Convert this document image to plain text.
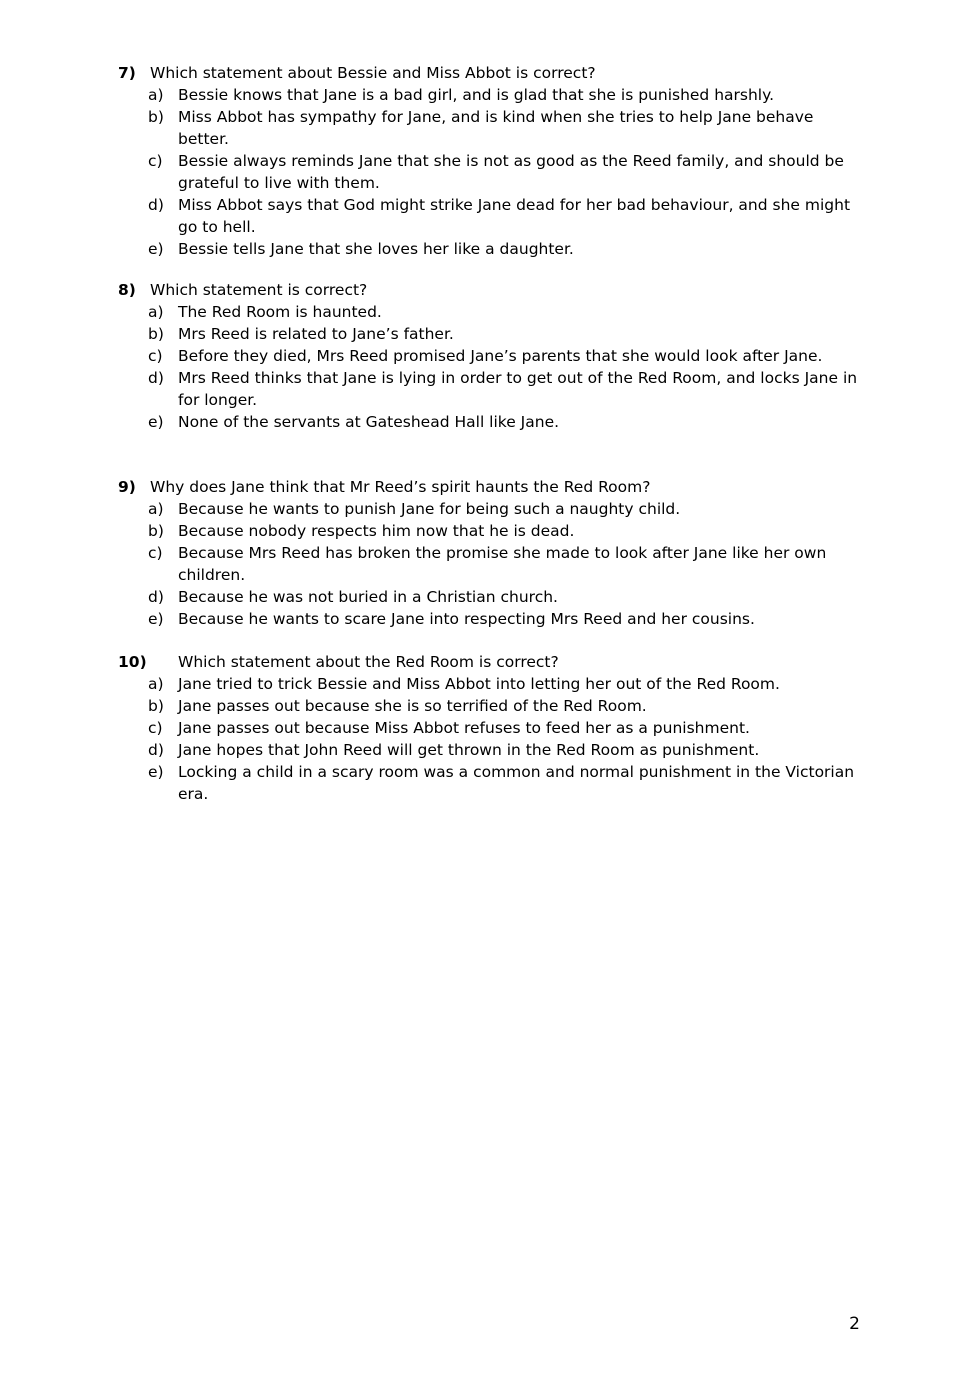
7) Which statement about Bessie and Miss Abbot is correct?
a) Bessie knows that Jane is a bad girl, and is glad that she is punished harshly.
b) Miss Abbot has sympathy for Jane, and is kind when she tries to help Jane behave better.
c) Bessie always reminds Jane that she is not as good as the Reed family, and should be grateful to live with them.
d) Miss Abbot says that God might strike Jane dead for her bad behaviour, and she might go to hell.
e) Bessie tells Jane that she loves her like a daughter.
8) Which statement is correct?
a) The Red Room is haunted.
b) Mrs Reed is related to Jane’s father.
c) Before they died, Mrs Reed promised Jane’s parents that she would look after Jane.
d) Mrs Reed thinks that Jane is lying in order to get out of the Red Room, and locks Jane in for longer.
e) None of the servants at Gateshead Hall like Jane.
9) Why does Jane think that Mr Reed’s spirit haunts the Red Room?
a) Because he wants to punish Jane for being such a naughty child.
b) Because nobody respects him now that he is dead.
c) Because Mrs Reed has broken the promise she made to look after Jane like her own children.
d) Because he was not buried in a Christian church.
e) Because he wants to scare Jane into respecting Mrs Reed and her cousins.
10)	Which statement about the Red Room is correct?
a) Jane tried to trick Bessie and Miss Abbot into letting her out of the Red Room.
b) Jane passes out because she is so terrified of the Red Room.
c) Jane passes out because Miss Abbot refuses to feed her as a punishment.
d) Jane hopes that John Reed will get thrown in the Red Room as punishment.
e) Locking a child in a scary room was a common and normal punishment in the Victorian era.
2
